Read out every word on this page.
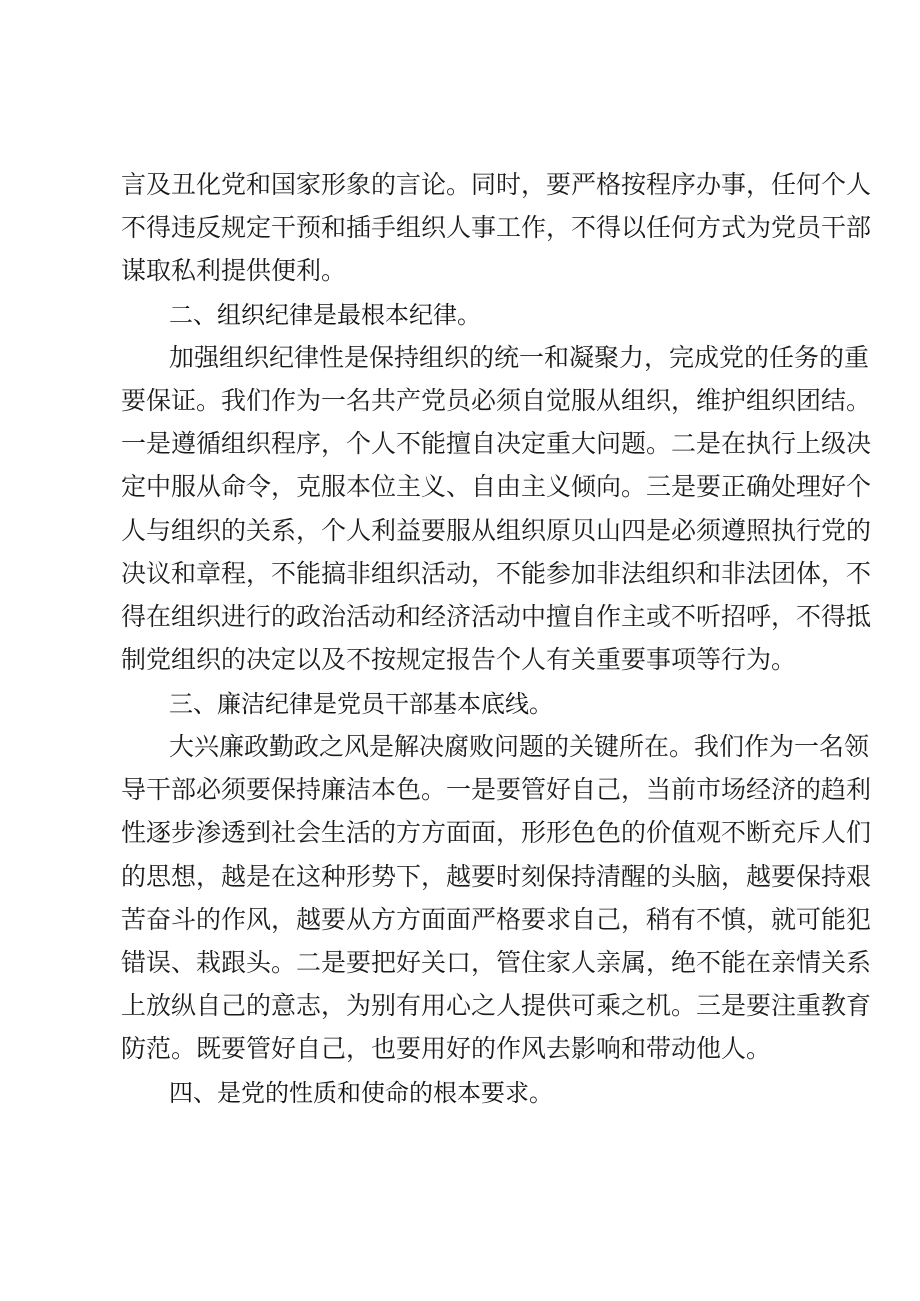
言及丑化党和国家形象的言论。同时，要严格按程序办事，任何个人
不得违反规定干预和插手组织人事工作，不得以任何方式为党员干部
谋取私利提供便利。
二、组织纪律是最根本纪律。
加强组织纪律性是保持组织的统一和凝聚力，完成党的任务的重
要保证。我们作为一名共产党员必须自觉服从组织，维护组织团结。
一是遵循组织程序，个人不能擅自决定重大问题。二是在执行上级决
定中服从命令，克服本位主义、自由主义倾向。三是要正确处理好个
人与组织的关系，个人利益要服从组织原贝山四是必须遵照执行党的
决议和章程，不能搞非组织活动，不能参加非法组织和非法团体，不
得在组织进行的政治活动和经济活动中擅自作主或不听招呼，不得抵
制党组织的决定以及不按规定报告个人有关重要事项等行为。
三、廉洁纪律是党员干部基本底线。
大兴廉政勤政之风是解决腐败问题的关键所在。我们作为一名领
导干部必须要保持廉洁本色。一是要管好自己，当前市场经济的趋利
性逐步渗透到社会生活的方方面面，形形色色的价值观不断充斥人们
的思想，越是在这种形势下，越要时刻保持清醒的头脑，越要保持艰
苦奋斗的作风，越要从方方面面严格要求自己，稍有不慎，就可能犯
错误、栽跟头。二是要把好关口，管住家人亲属，绝不能在亲情关系
上放纵自己的意志，为别有用心之人提供可乘之机。三是要注重教育
防范。既要管好自己，也要用好的作风去影响和带动他人。
四、是党的性质和使命的根本要求。
